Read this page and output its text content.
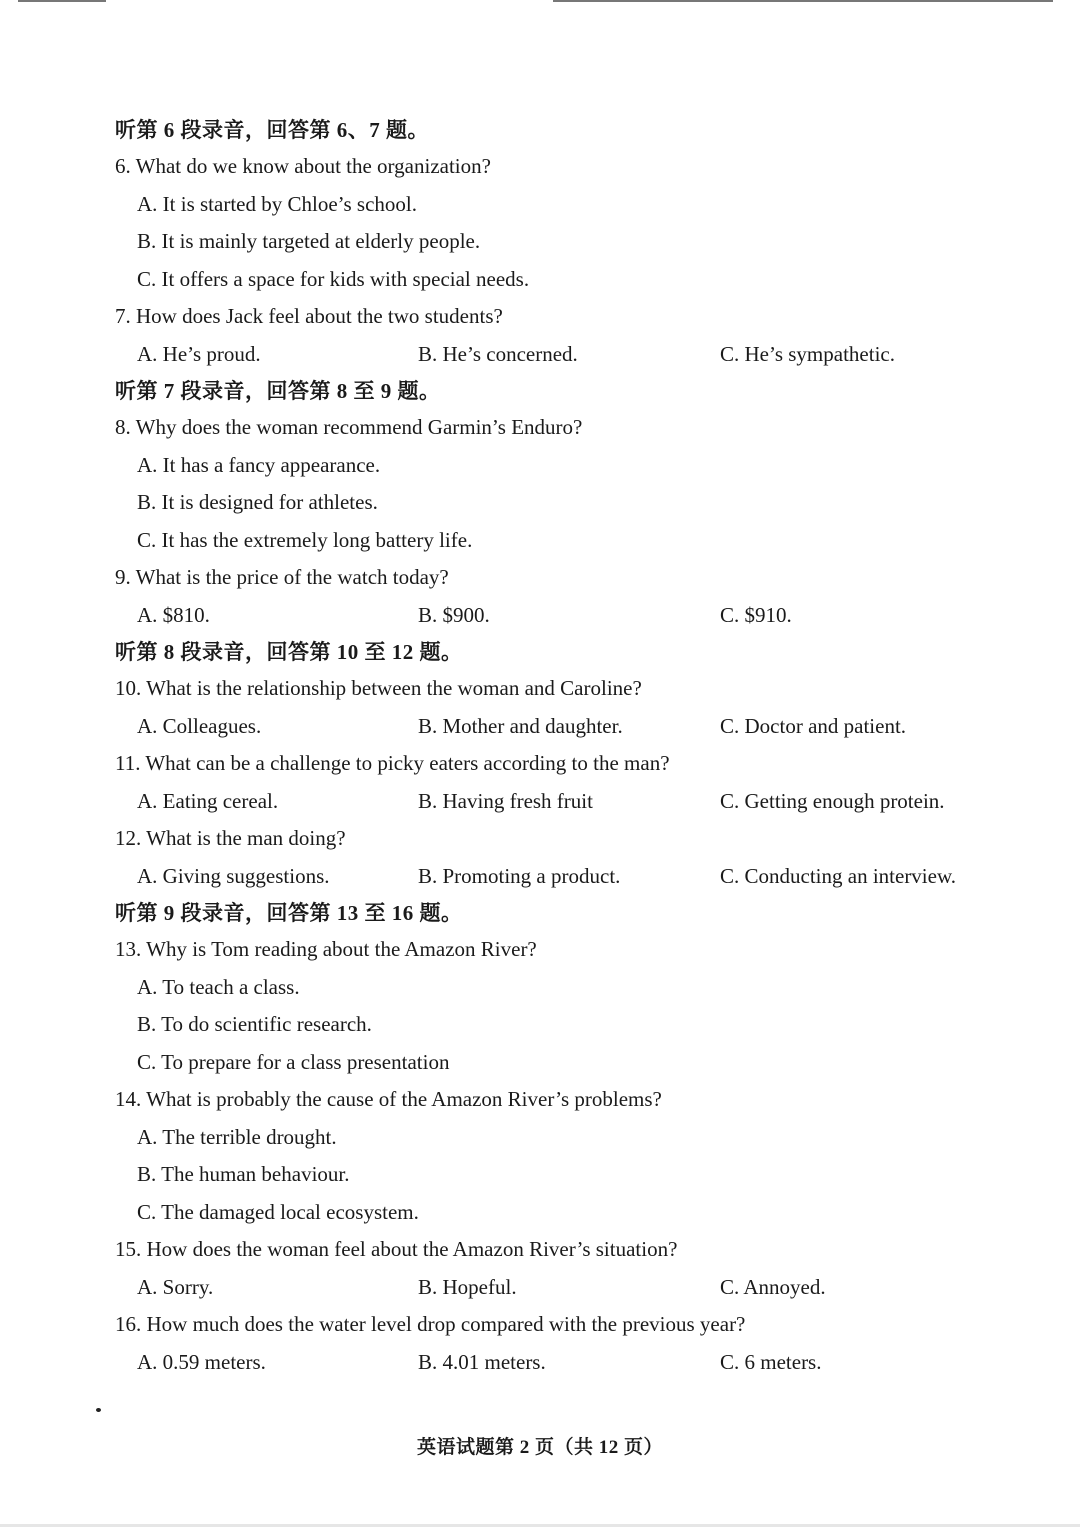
听第 6 段录音，回答第 6、7 题。
6. What do we know about the organization?
A. It is started by Chloe’s school.
B. It is mainly targeted at elderly people.
C. It offers a space for kids with special needs.
7. How does Jack feel about the two students?
A. He’s proud.	B. He’s concerned.	C. He’s sympathetic.
听第 7 段录音，回答第 8 至 9 题。
8. Why does the woman recommend Garmin’s Enduro?
A. It has a fancy appearance.
B. It is designed for athletes.
C. It has the extremely long battery life.
9. What is the price of the watch today?
A. $810.	B. $900.	C. $910.
听第 8 段录音，回答第 10 至 12 题。
10. What is the relationship between the woman and Caroline?
A. Colleagues.	B. Mother and daughter.	C. Doctor and patient.
11. What can be a challenge to picky eaters according to the man?
A. Eating cereal.	B. Having fresh fruit	C. Getting enough protein.
12. What is the man doing?
A. Giving suggestions.	B. Promoting a product.	C. Conducting an interview.
听第 9 段录音，回答第 13 至 16 题。
13. Why is Tom reading about the Amazon River?
A. To teach a class.
B. To do scientific research.
C. To prepare for a class presentation
14. What is probably the cause of the Amazon River’s problems?
A. The terrible drought.
B. The human behaviour.
C. The damaged local ecosystem.
15. How does the woman feel about the Amazon River’s situation?
A. Sorry.	B. Hopeful.	C. Annoyed.
16. How much does the water level drop compared with the previous year?
A. 0.59 meters.	B. 4.01 meters.	C. 6 meters.
英语试题第 2 页（共 12 页）
